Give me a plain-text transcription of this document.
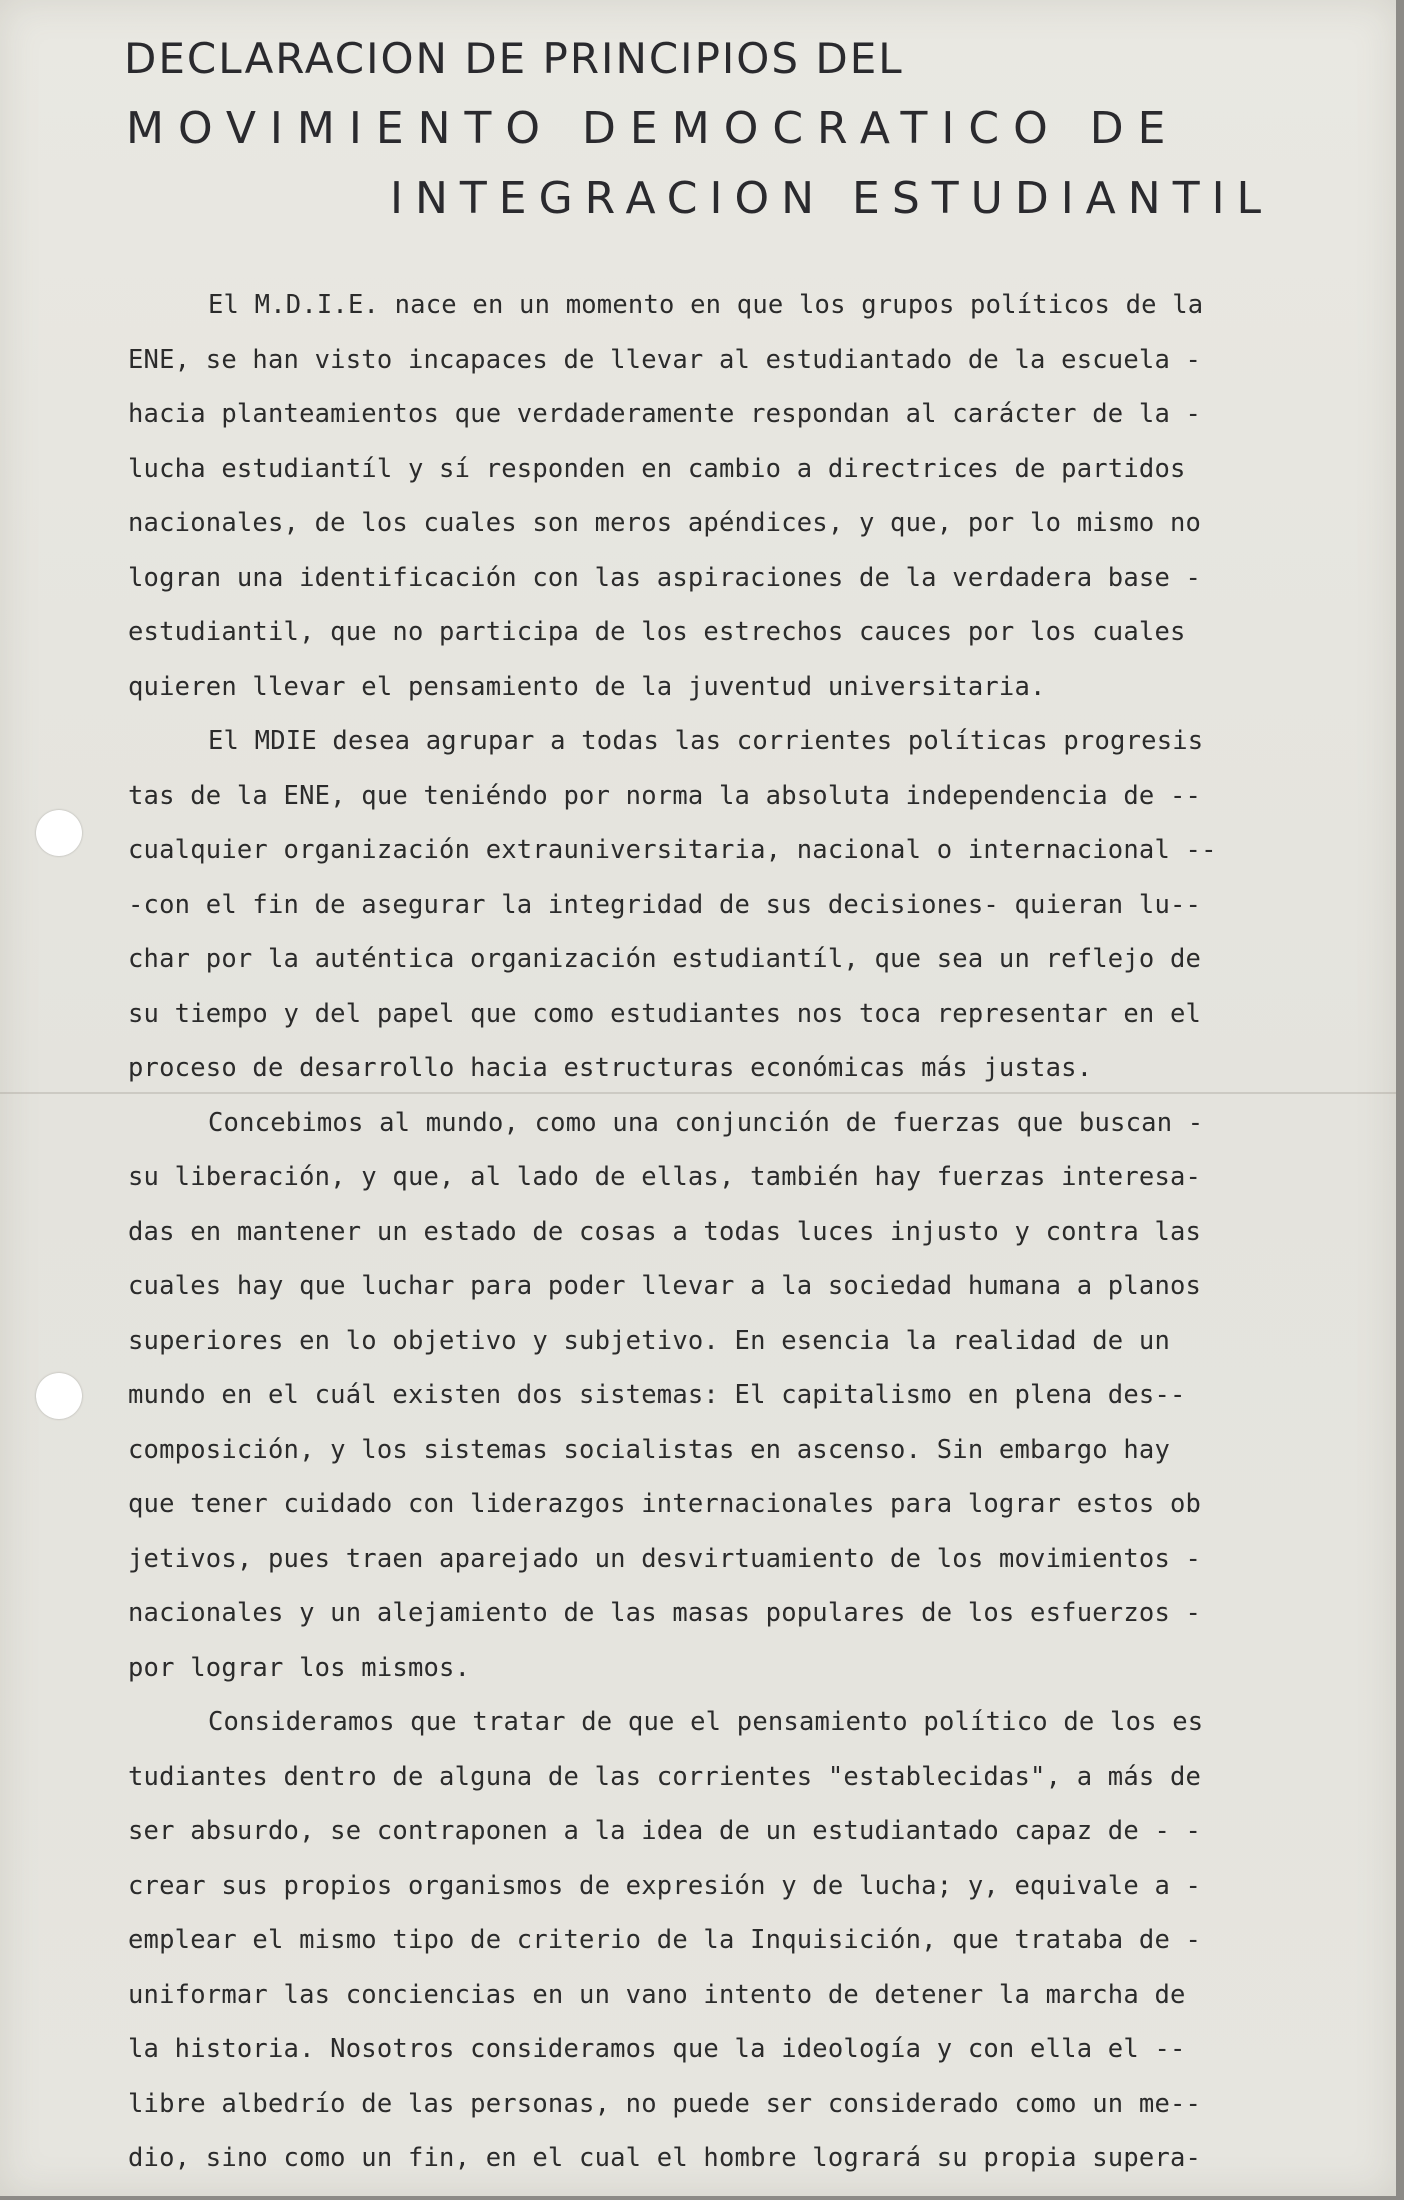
DECLARACION DE PRINCIPIOS DEL
MOVIMIENTO DEMOCRATICO DE
INTEGRACION ESTUDIANTIL
El M.D.I.E. nace en un momento en que los grupos políticos de la
ENE, se han visto incapaces de llevar al estudiantado de la escuela -
hacia planteamientos que verdaderamente respondan al carácter de la -
lucha estudiantíl y sí responden en cambio a directrices de partidos
nacionales, de los cuales son meros apéndices, y que, por lo mismo no
logran una identificación con las aspiraciones de la verdadera base -
estudiantil, que no participa de los estrechos cauces por los cuales
quieren llevar el pensamiento de la juventud universitaria.
El MDIE desea agrupar a todas las corrientes políticas progresis
tas de la ENE, que teniéndo por norma la absoluta independencia de --
cualquier organización extrauniversitaria, nacional o internacional --
-con el fin de asegurar la integridad de sus decisiones- quieran lu--
char por la auténtica organización estudiantíl, que sea un reflejo de
su tiempo y del papel que como estudiantes nos toca representar en el
proceso de desarrollo hacia estructuras económicas más justas.
Concebimos al mundo, como una conjunción de fuerzas que buscan -
su liberación, y que, al lado de ellas, también hay fuerzas interesa-
das en mantener un estado de cosas a todas luces injusto y contra las
cuales hay que luchar para poder llevar a la sociedad humana a planos
superiores en lo objetivo y subjetivo. En esencia la realidad de un
mundo en el cuál existen dos sistemas: El capitalismo en plena des--
composición, y los sistemas socialistas en ascenso. Sin embargo hay
que tener cuidado con liderazgos internacionales para lograr estos ob
jetivos, pues traen aparejado un desvirtuamiento de los movimientos -
nacionales y un alejamiento de las masas populares de los esfuerzos -
por lograr los mismos.
Consideramos que tratar de que el pensamiento político de los es
tudiantes dentro de alguna de las corrientes "establecidas", a más de
ser absurdo, se contraponen a la idea de un estudiantado capaz de - -
crear sus propios organismos de expresión y de lucha; y, equivale a -
emplear el mismo tipo de criterio de la Inquisición, que trataba de -
uniformar las conciencias en un vano intento de detener la marcha de
la historia. Nosotros consideramos que la ideología y con ella el --
libre albedrío de las personas, no puede ser considerado como un me--
dio, sino como un fin, en el cual el hombre logrará su propia supera-
